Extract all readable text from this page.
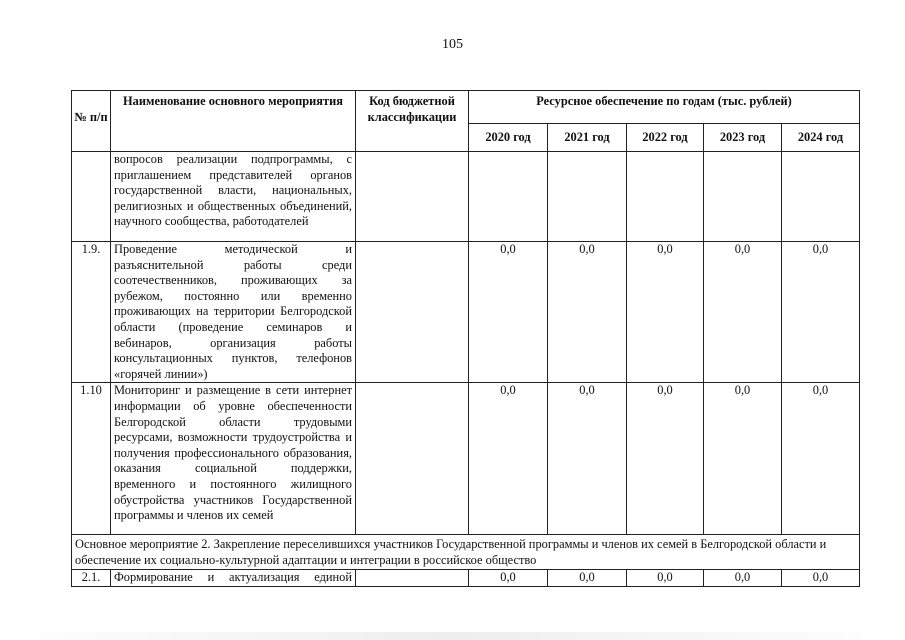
105
№ п/п	Наименование основного мероприятия	Код бюджетной классификации	Ресурсное обеспечение по годам (тыс. рублей)				
			2020 год	2021 год	2022 год	2023 год	2024 год

	вопросов реализации подпрограммы, с приглашением представителей органов государственной власти, национальных, религиозных и общественных объединений, научного сообщества, работодателей						

1.9.	Проведение методической и разъяснительной работы среди соотечественников, проживающих за рубежом, постоянно или временно проживающих на территории Белгородской области (проведение семинаров и вебинаров, организация работы консультационных пунктов, телефонов «горячей линии»)		0,0	0,0	0,0	0,0	0,0
1.10	Мониторинг и размещение в сети интернет информации об уровне обеспеченности Белгородской области трудовыми ресурсами, возможности трудоустройства и получения профессионального образования, оказания социальной поддержки, временного и постоянного жилищного обустройства участников Государственной программы и членов их семей		0,0	0,0	0,0	0,0	0,0
Основное мероприятие 2. Закрепление переселившихся участников Государственной программы и членов их семей в Белгородской области и обеспечение их социально-культурной адаптации и интеграции в российское общество							
2.1.	Формирование и актуализация единой		0,0	0,0	0,0	0,0	0,0
